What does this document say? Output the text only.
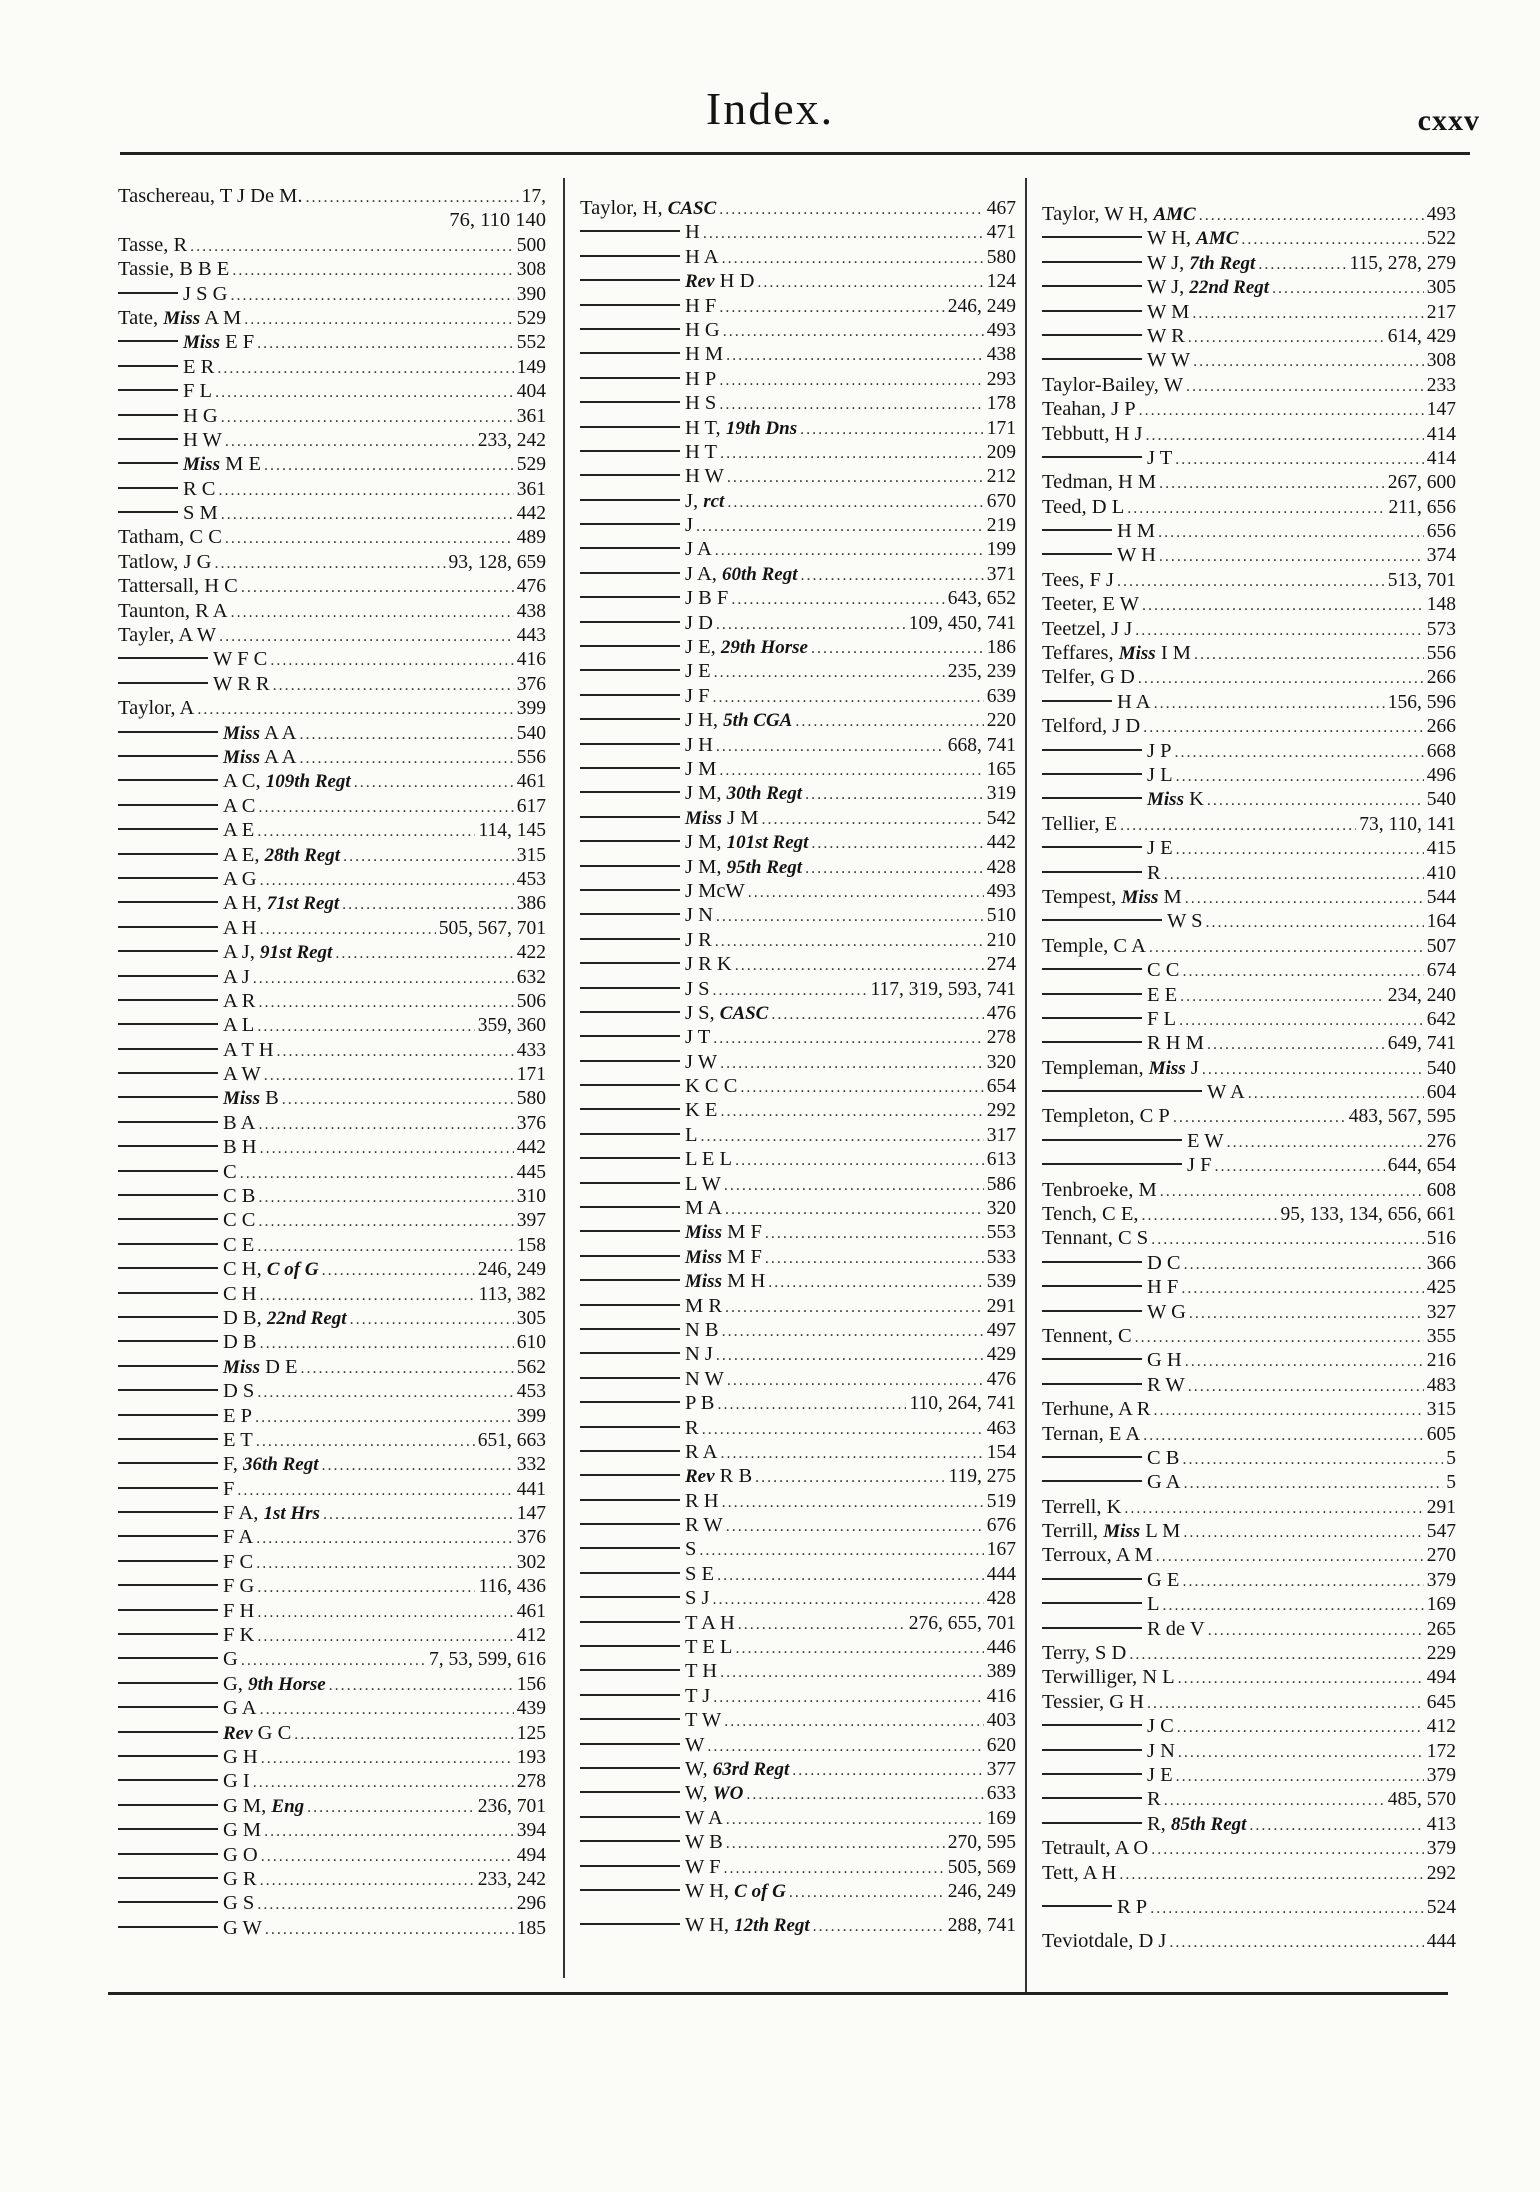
Index.	cxxv
Taschereau, T J De M. .....	17,
76, 110 140
Tasse, R .....	500
Tassie, B B E .....	308
J S G .....	390
Tate, Miss A M .....	529
Miss E F .....	552
E R .....	149
F L .....	404
H G .....	361
H W .....	233, 242
Miss M E .....	529
R C .....	361
S M .....	442
Tatham, C C .....	489
Tatlow, J G .....	93, 128, 659
Tattersall, H C .....	476
Taunton, R A .....	438
Tayler, A W .....	443
W F C .....	416
W R R .....	376
Taylor, A .....	399
Miss A A .....	540
Miss A A .....	556
A C, 109th Regt .....	461
A C .....	617
A E .....	114, 145
A E, 28th Regt .....	315
A G .....	453
A H, 71st Regt .....	386
A H .....	505, 567, 701
A J, 91st Regt .....	422
A J .....	632
A R .....	506
A L .....	359, 360
A T H .....	433
A W .....	171
Miss B .....	580
B A .....	376
B H .....	442
C .....	445
C B .....	310
C C .....	397
C E .....	158
C H, C of G .....	246, 249
C H .....	113, 382
D B, 22nd Regt .....	305
D B .....	610
Miss D E .....	562
D S .....	453
E P .....	399
E T .....	651, 663
F, 36th Regt .....	332
F .....	441
F A, 1st Hrs .....	147
F A .....	376
F C .....	302
F G .....	116, 436
F H .....	461
F K .....	412
G .....	7, 53, 599, 616
G, 9th Horse .....	156
G A .....	439
Rev G C .....	125
G H .....	193
G I .....	278
G M, Eng .....	236, 701
G M .....	394
G O .....	494
G R .....	233, 242
G S .....	296
G W .....	185
Taylor, H, CASC .....	467
H .....	471
H A .....	580
Rev H D .....	124
H F .....	246, 249
H G .....	493
H M .....	438
H P .....	293
H S .....	178
H T, 19th Dns .....	171
H T .....	209
H W .....	212
J, rct .....	670
J .....	219
J A .....	199
J A, 60th Regt .....	371
J B F .....	643, 652
J D .....	109, 450, 741
J E, 29th Horse .....	186
J E .....	235, 239
J F .....	639
J H, 5th CGA .....	220
J H .....	668, 741
J M .....	165
J M, 30th Regt .....	319
Miss J M .....	542
J M, 101st Regt .....	442
J M, 95th Regt .....	428
J McW .....	493
J N .....	510
J R .....	210
J R K .....	274
J S .....	117, 319, 593, 741
J S, CASC .....	476
J T .....	278
J W .....	320
K C C .....	654
K E .....	292
L .....	317
L E L .....	613
L W .....	586
M A .....	320
Miss M F .....	553
Miss M F .....	533
Miss M H .....	539
M R .....	291
N B .....	497
N J .....	429
N W .....	476
P B .....	110, 264, 741
R .....	463
R A .....	154
Rev R B .....	119, 275
R H .....	519
R W .....	676
S .....	167
S E .....	444
S J .....	428
T A H .....	276, 655, 701
T E L .....	446
T H .....	389
T J .....	416
T W .....	403
W .....	620
W, 63rd Regt .....	377
W, WO .....	633
W A .....	169
W B .....	270, 595
W F .....	505, 569
W H, C of G .....	246, 249
W H, 12th Regt .....	288, 741
Taylor, W H, AMC .....	493
W H, AMC .....	522
W J, 7th Regt .....	115, 278, 279
W J, 22nd Regt .....	305
W M .....	217
W R .....	614, 429
W W .....	308
Taylor-Bailey, W .....	233
Teahan, J P .....	147
Tebbutt, H J .....	414
J T .....	414
Tedman, H M .....	267, 600
Teed, D L .....	211, 656
H M .....	656
W H .....	374
Tees, F J .....	513, 701
Teeter, E W .....	148
Teetzel, J J .....	573
Teffares, Miss I M .....	556
Telfer, G D .....	266
H A .....	156, 596
Telford, J D .....	266
J P .....	668
J L .....	496
Miss K .....	540
Tellier, E .....	73, 110, 141
J E .....	415
R .....	410
Tempest, Miss M .....	544
W S .....	164
Temple, C A .....	507
C C .....	674
E E .....	234, 240
F L .....	642
R H M .....	649, 741
Templeman, Miss J .....	540
W A .....	604
Templeton, C P .....	483, 567, 595
E W .....	276
J F .....	644, 654
Tenbroeke, M .....	608
Tench, C E, .....	95, 133, 134, 656, 661
Tennant, C S .....	516
D C .....	366
H F .....	425
W G .....	327
Tennent, C .....	355
G H .....	216
R W .....	483
Terhune, A R .....	315
Ternan, E A .....	605
C B .....	5
G A .....	5
Terrell, K .....	291
Terrill, Miss L M .....	547
Terroux, A M .....	270
G E .....	379
L .....	169
R de V .....	265
Terry, S D .....	229
Terwilliger, N L .....	494
Tessier, G H .....	645
J C .....	412
J N .....	172
J E .....	379
R .....	485, 570
R, 85th Regt .....	413
Tetrault, A O .....	379
Tett, A H .....	292
R P .....	524
Teviotdale, D J .....	444
